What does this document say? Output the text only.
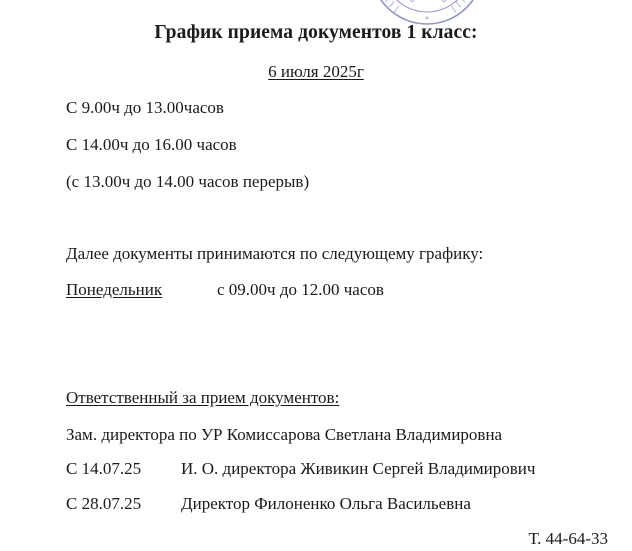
*
График приема документов 1 класс:
6 июля 2025г
С 9.00ч до 13.00часов
С 14.00ч до 16.00 часов
(с 13.00ч до 14.00 часов перерыв)
Далее документы принимаются по следующему графику:
Понедельник	с 09.00ч до 12.00 часов
Ответственный за прием документов:
Зам. директора по УР Комиссарова Светлана Владимировна
С 14.07.25 И. О. директора Живикин Сергей Владимирович
С 28.07.25 Директор Филоненко Ольга Васильевна
Т. 44-64-33
